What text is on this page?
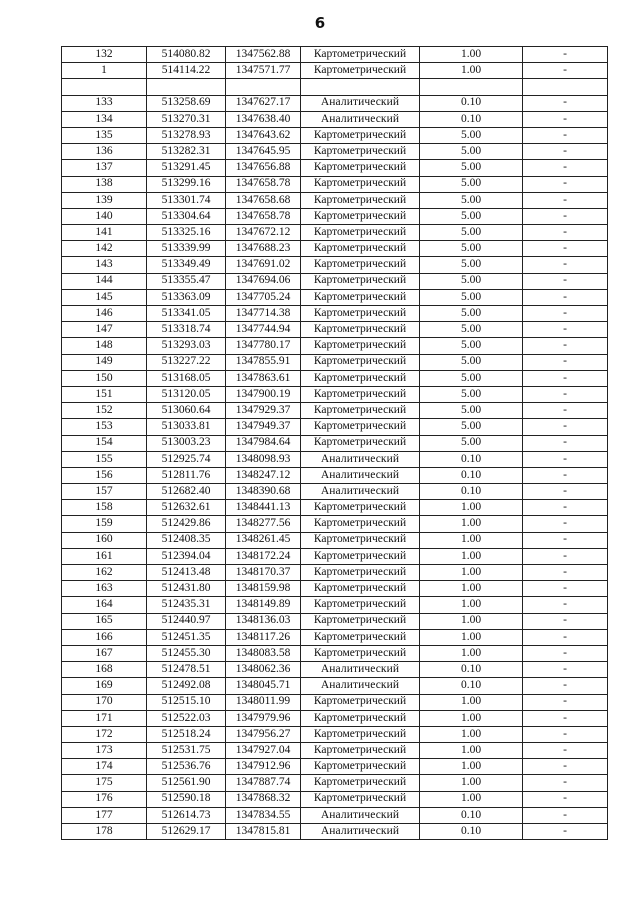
6
132	514080.82	1347562.88	Картометрический	1.00	-
1	514114.22	1347571.77	Картометрический	1.00	-

133	513258.69	1347627.17	Аналитический	0.10	-
134	513270.31	1347638.40	Аналитический	0.10	-
135	513278.93	1347643.62	Картометрический	5.00	-
136	513282.31	1347645.95	Картометрический	5.00	-
137	513291.45	1347656.88	Картометрический	5.00	-
138	513299.16	1347658.78	Картометрический	5.00	-
139	513301.74	1347658.68	Картометрический	5.00	-
140	513304.64	1347658.78	Картометрический	5.00	-
141	513325.16	1347672.12	Картометрический	5.00	-
142	513339.99	1347688.23	Картометрический	5.00	-
143	513349.49	1347691.02	Картометрический	5.00	-
144	513355.47	1347694.06	Картометрический	5.00	-
145	513363.09	1347705.24	Картометрический	5.00	-
146	513341.05	1347714.38	Картометрический	5.00	-
147	513318.74	1347744.94	Картометрический	5.00	-
148	513293.03	1347780.17	Картометрический	5.00	-
149	513227.22	1347855.91	Картометрический	5.00	-
150	513168.05	1347863.61	Картометрический	5.00	-
151	513120.05	1347900.19	Картометрический	5.00	-
152	513060.64	1347929.37	Картометрический	5.00	-
153	513033.81	1347949.37	Картометрический	5.00	-
154	513003.23	1347984.64	Картометрический	5.00	-
155	512925.74	1348098.93	Аналитический	0.10	-
156	512811.76	1348247.12	Аналитический	0.10	-
157	512682.40	1348390.68	Аналитический	0.10	-
158	512632.61	1348441.13	Картометрический	1.00	-
159	512429.86	1348277.56	Картометрический	1.00	-
160	512408.35	1348261.45	Картометрический	1.00	-
161	512394.04	1348172.24	Картометрический	1.00	-
162	512413.48	1348170.37	Картометрический	1.00	-
163	512431.80	1348159.98	Картометрический	1.00	-
164	512435.31	1348149.89	Картометрический	1.00	-
165	512440.97	1348136.03	Картометрический	1.00	-
166	512451.35	1348117.26	Картометрический	1.00	-
167	512455.30	1348083.58	Картометрический	1.00	-
168	512478.51	1348062.36	Аналитический	0.10	-
169	512492.08	1348045.71	Аналитический	0.10	-
170	512515.10	1348011.99	Картометрический	1.00	-
171	512522.03	1347979.96	Картометрический	1.00	-
172	512518.24	1347956.27	Картометрический	1.00	-
173	512531.75	1347927.04	Картометрический	1.00	-
174	512536.76	1347912.96	Картометрический	1.00	-
175	512561.90	1347887.74	Картометрический	1.00	-
176	512590.18	1347868.32	Картометрический	1.00	-
177	512614.73	1347834.55	Аналитический	0.10	-
178	512629.17	1347815.81	Аналитический	0.10	-
